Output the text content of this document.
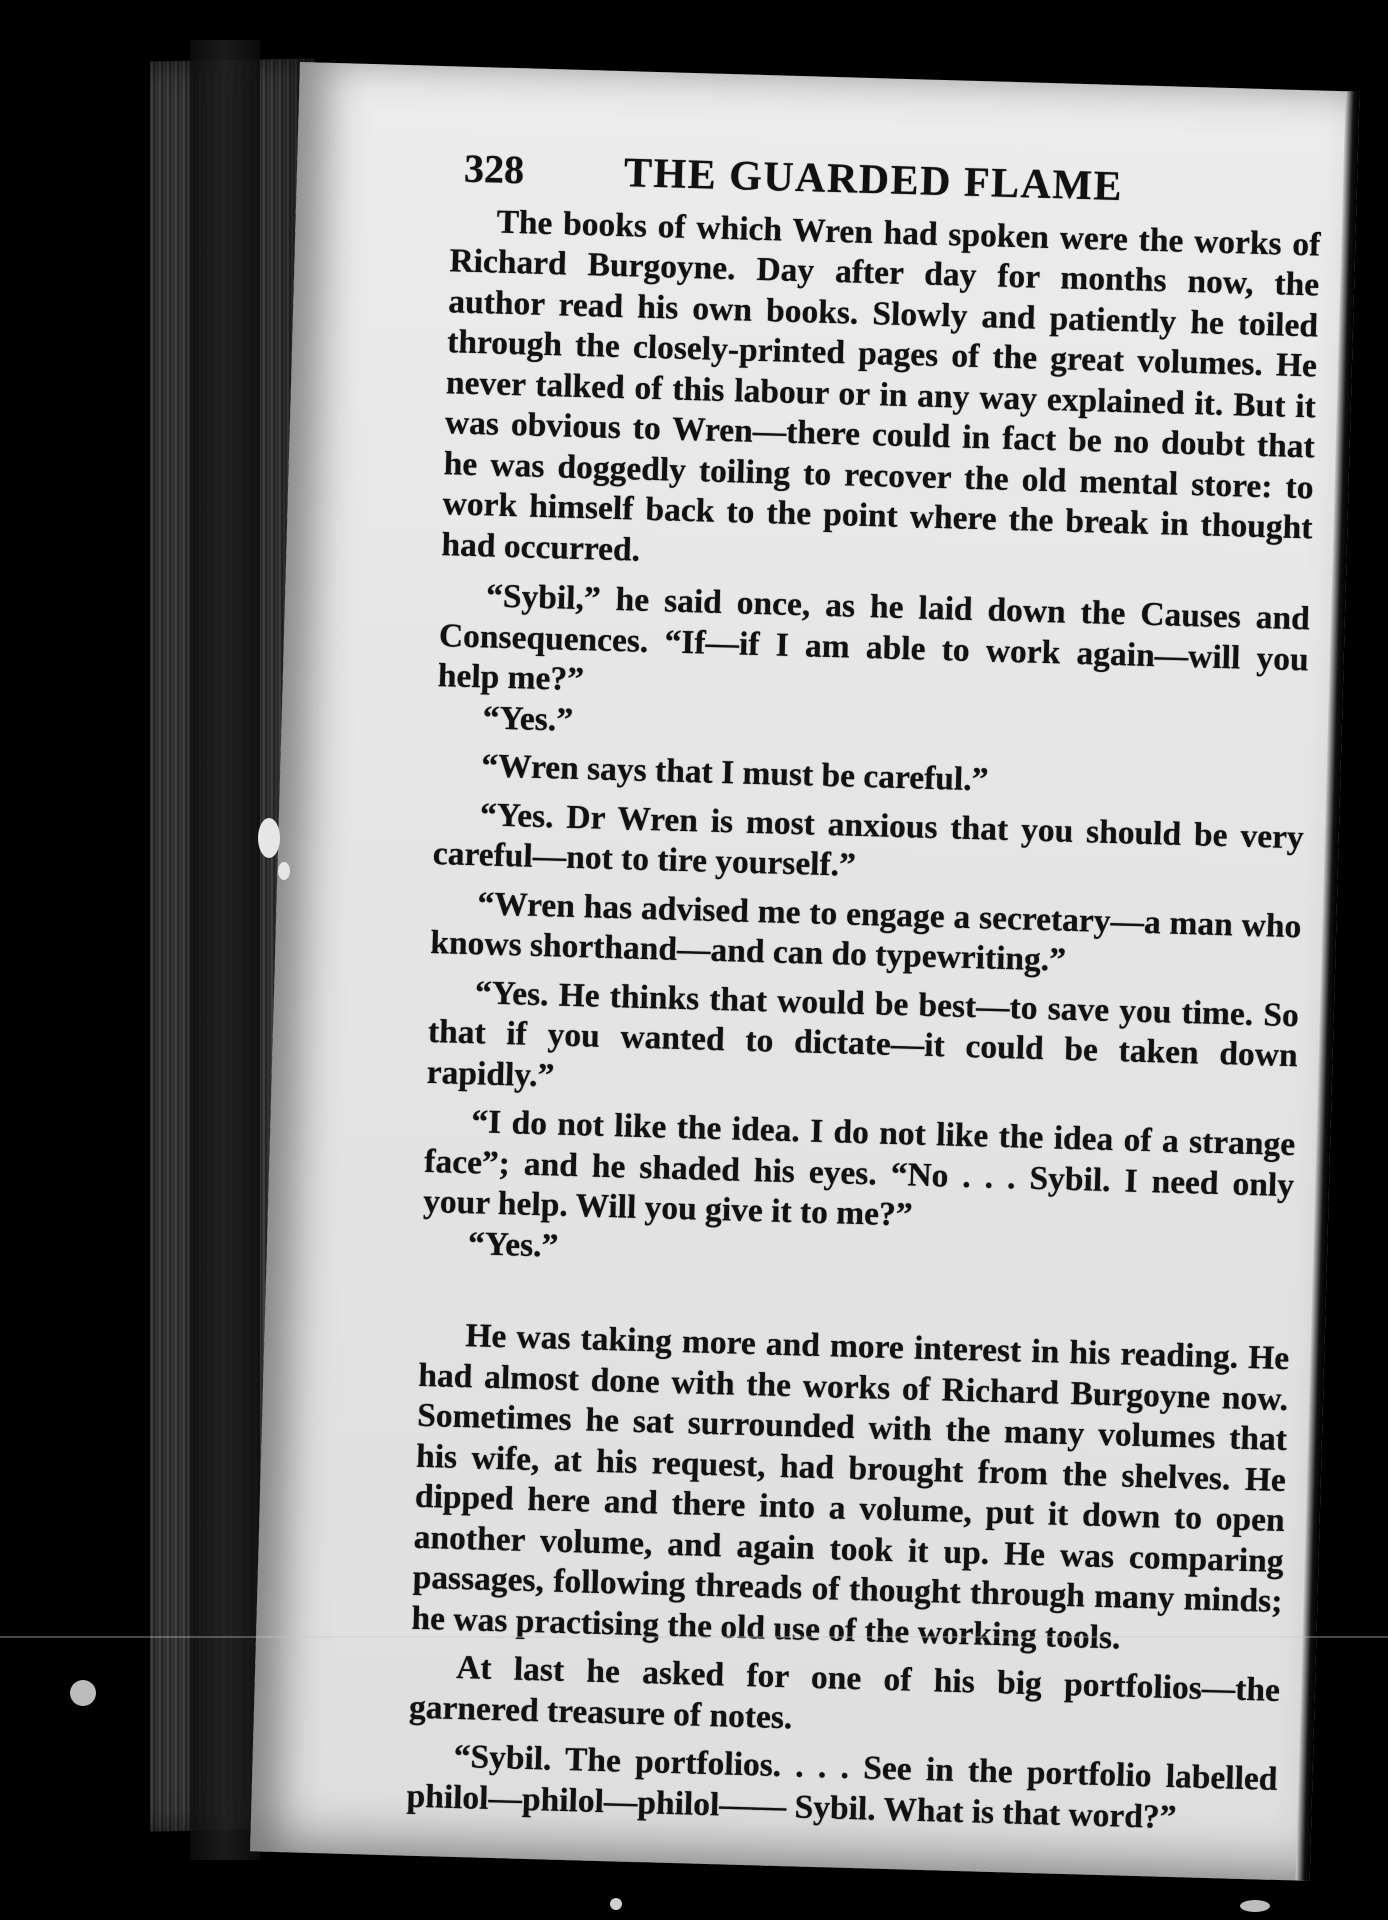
328	THE GUARDED FLAME

The books of which Wren had spoken were the works of Richard Burgoyne. Day after day for months now, the author read his own books. Slowly and patiently he toiled through the closely-printed pages of the great volumes. He never talked of this labour or in any way explained it. But it was obvious to Wren—there could in fact be no doubt that he was doggedly toiling to recover the old mental store: to work himself back to the point where the break in thought had occurred.

“Sybil,” he said once, as he laid down the Causes and Consequences. “If—if I am able to work again—will you help me?”

“Yes.”

“Wren says that I must be careful.”

“Yes. Dr Wren is most anxious that you should be very careful—not to tire yourself.”

“Wren has advised me to engage a secretary—a man who knows shorthand—and can do typewriting.”

“Yes. He thinks that would be best—to save you time. So that if you wanted to dictate—it could be taken down rapidly.”

“I do not like the idea. I do not like the idea of a strange face”; and he shaded his eyes. “No . . . Sybil. I need only your help. Will you give it to me?”

“Yes.”

He was taking more and more interest in his reading. He had almost done with the works of Richard Burgoyne now. Sometimes he sat surrounded with the many volumes that his wife, at his request, had brought from the shelves. He dipped here and there into a volume, put it down to open another volume, and again took it up. He was comparing passages, following threads of thought through many minds; he was practising the old use of the working tools.

At last he asked for one of his big portfolios—the garnered treasure of notes.

“Sybil. The portfolios. . . . See in the portfolio labelled philol—philol—philol—— Sybil. What is that word?”
